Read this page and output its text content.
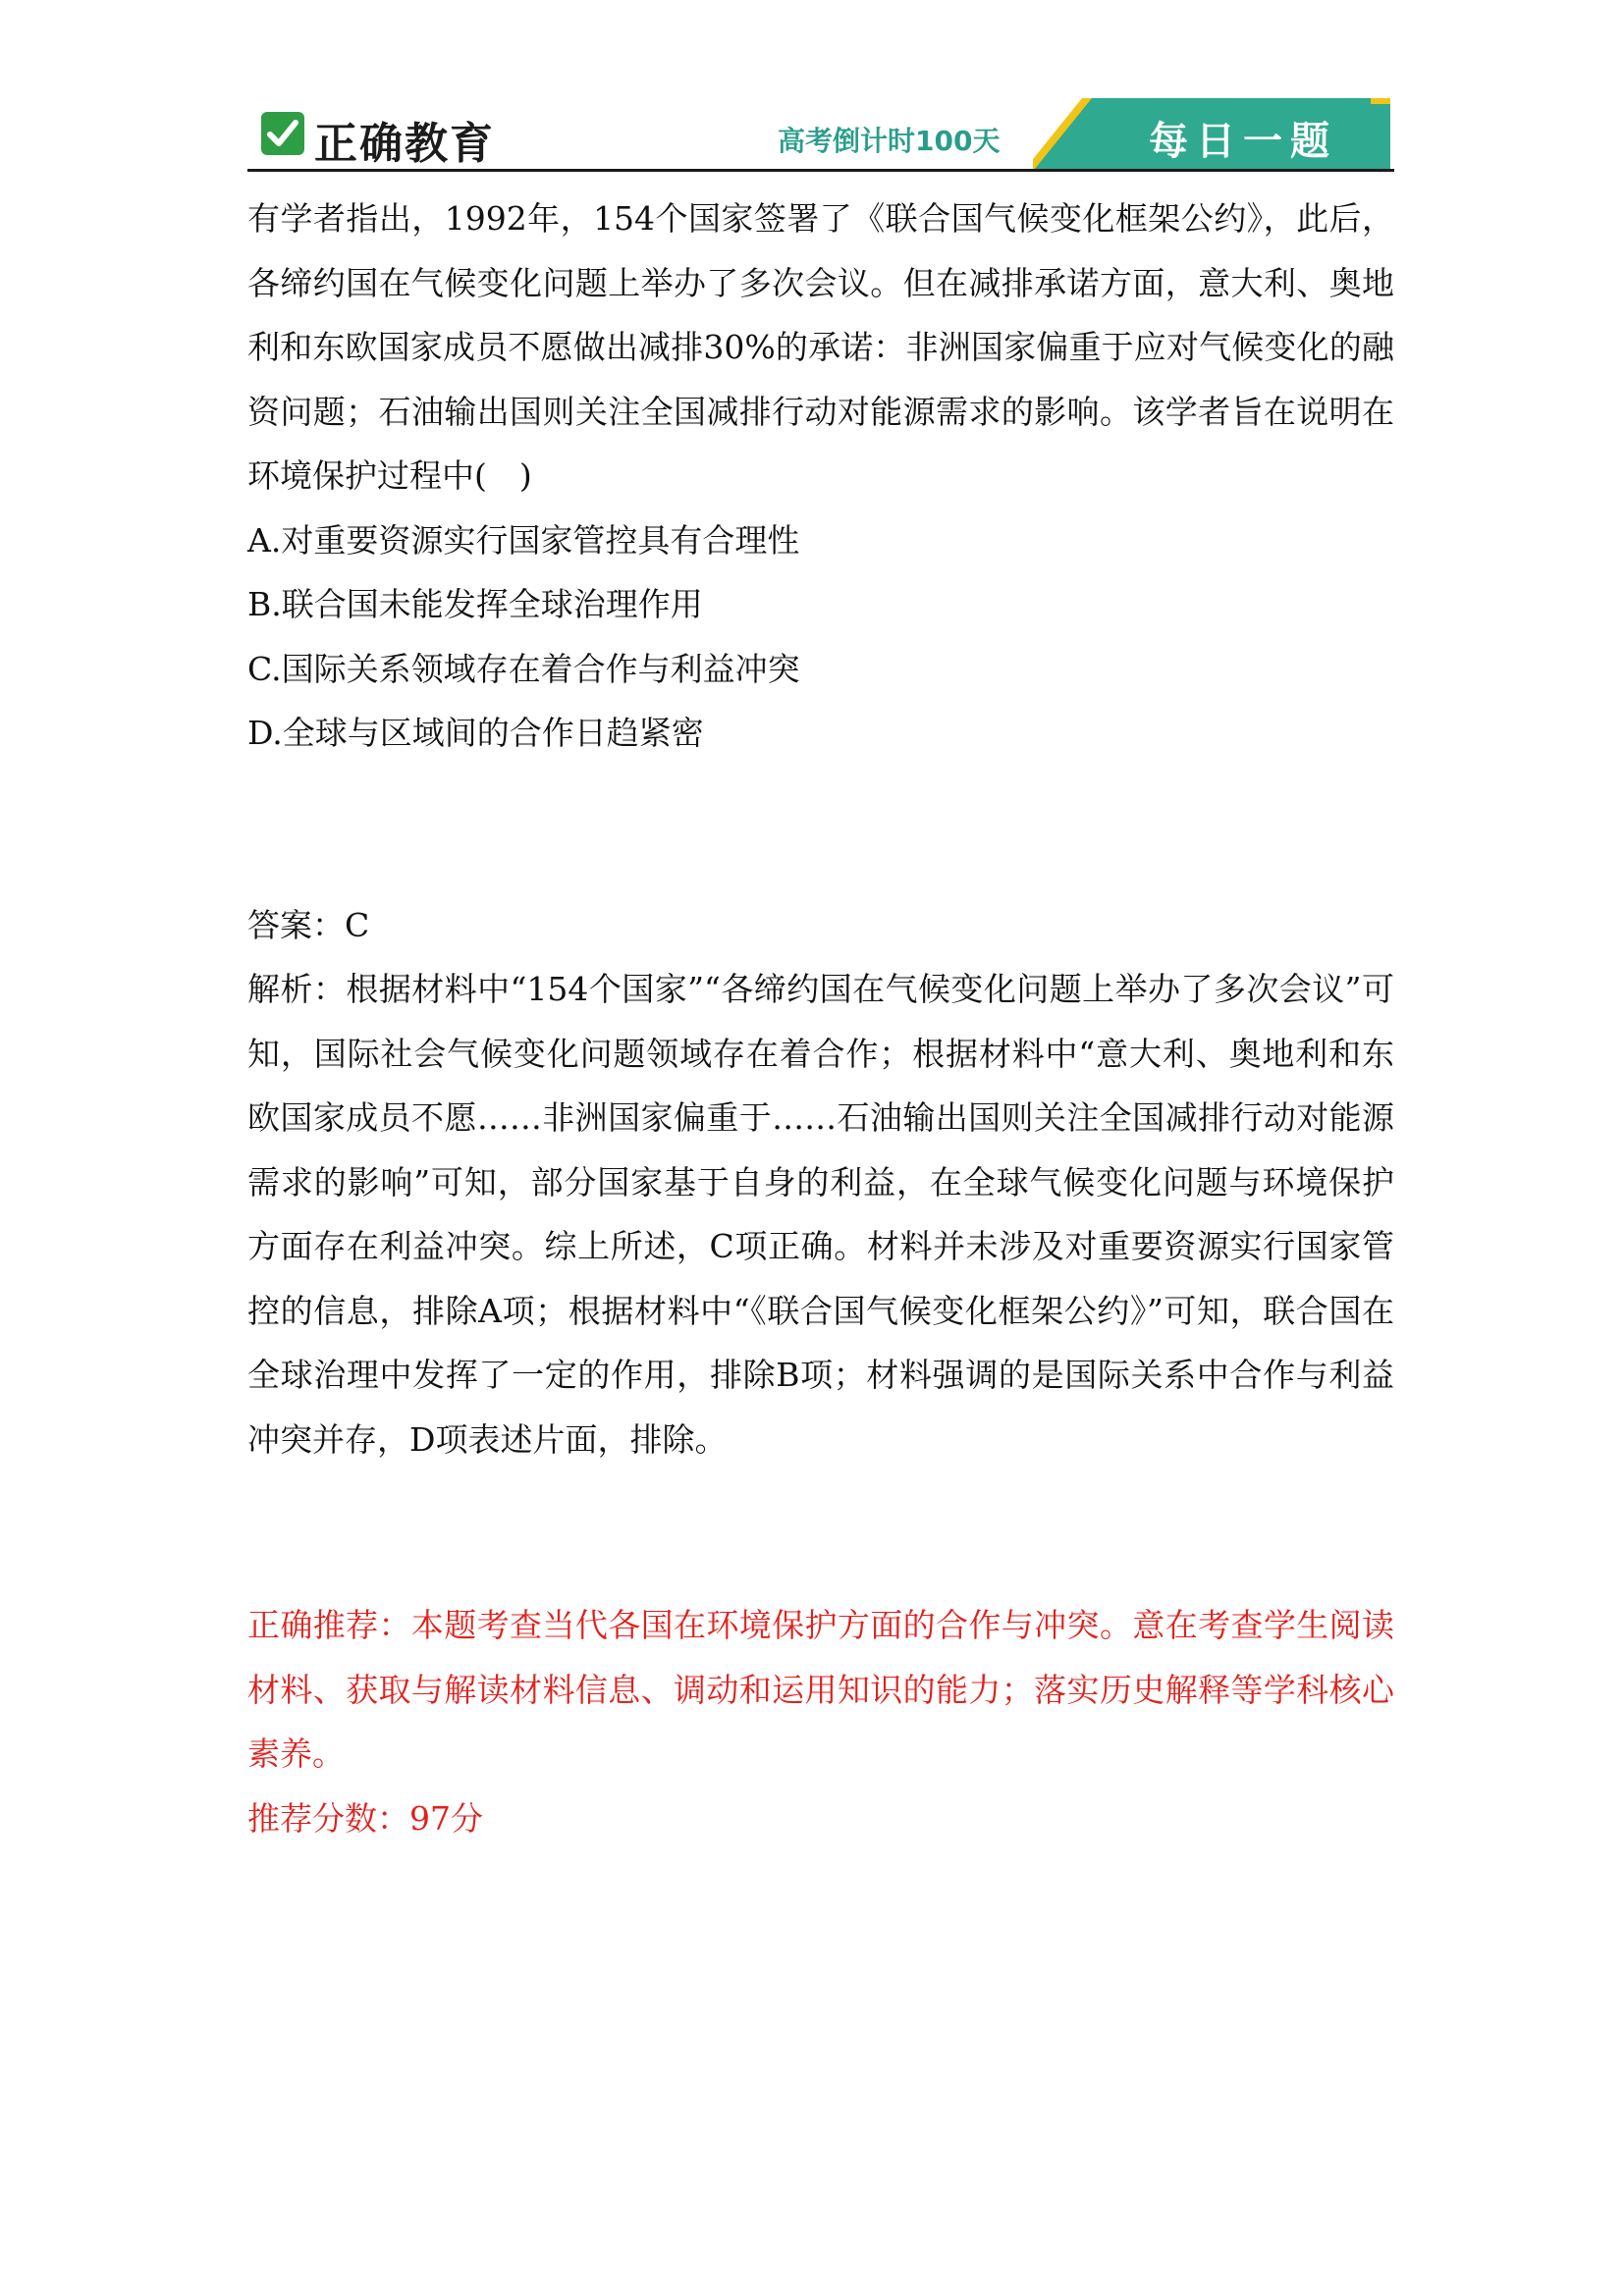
正确教育	高考倒计时100天	每日一题

有学者指出，1992年，154个国家签署了《联合国气候变化框架公约》，此后，各缔约国在气候变化问题上举办了多次会议。但在减排承诺方面，意大利、奥地利和东欧国家成员不愿做出减排30%的承诺：非洲国家偏重于应对气候变化的融资问题；石油输出国则关注全国减排行动对能源需求的影响。该学者旨在说明在环境保护过程中(　)

A.对重要资源实行国家管控具有合理性

B.联合国未能发挥全球治理作用

C.国际关系领域存在着合作与利益冲突

D.全球与区域间的合作日趋紧密

答案：C

解析：根据材料中“154个国家”“各缔约国在气候变化问题上举办了多次会议”可知，国际社会气候变化问题领域存在着合作；根据材料中“意大利、奥地利和东欧国家成员不愿……非洲国家偏重于……石油输出国则关注全国减排行动对能源需求的影响”可知，部分国家基于自身的利益，在全球气候变化问题与环境保护方面存在利益冲突。综上所述，C项正确。材料并未涉及对重要资源实行国家管控的信息，排除A项；根据材料中“《联合国气候变化框架公约》”可知，联合国在全球治理中发挥了一定的作用，排除B项；材料强调的是国际关系中合作与利益冲突并存，D项表述片面，排除。

正确推荐：本题考查当代各国在环境保护方面的合作与冲突。意在考查学生阅读材料、获取与解读材料信息、调动和运用知识的能力；落实历史解释等学科核心素养。

推荐分数：97分
